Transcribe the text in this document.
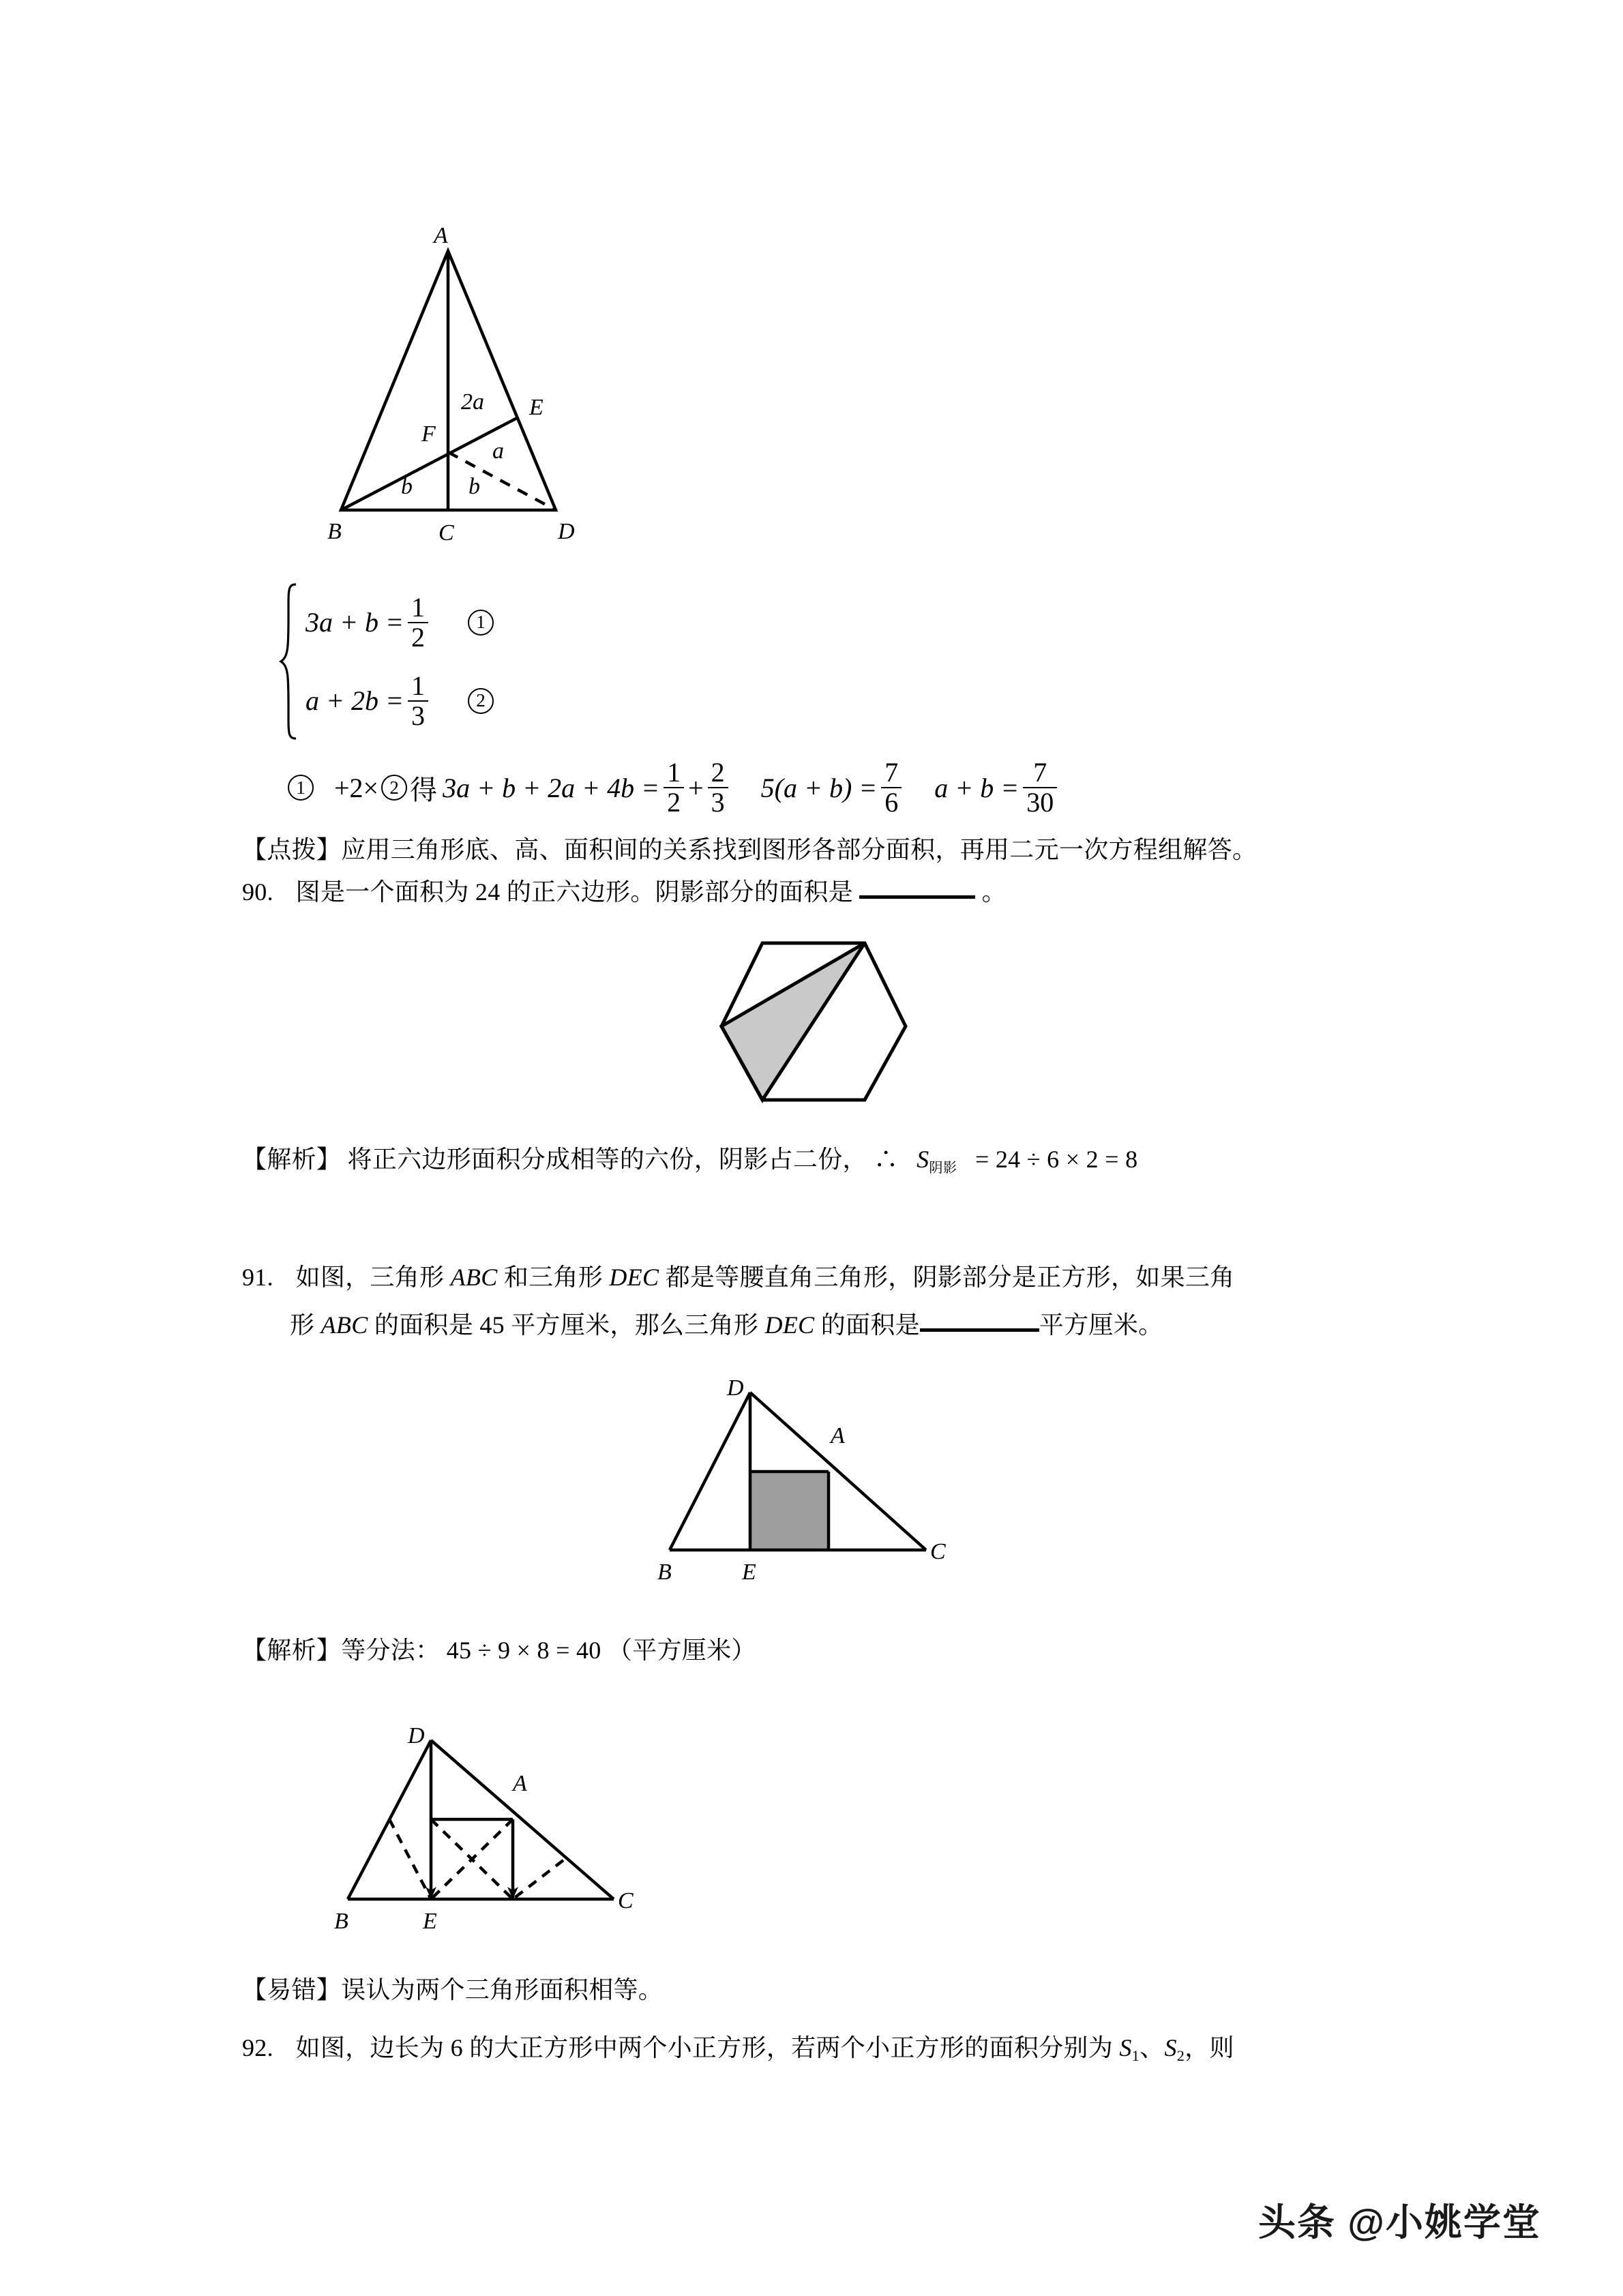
A
B	C	D
E
F
2a
a
b b
$3a + b = \frac{1}{2}$	1
$a + 2b = \frac{1}{3}$	2
1	+2× 2 得 $3a + b + 2a + 4b = \frac{1}{2} + \frac{2}{3} 5(a + b) = \frac{7}{6}$ $a + b = \frac{7}{30}$
【点拨】应用三角形底、高、面积间的关系找到图形各部分面积，再用二元一次方程组解答。
90. 图是一个面积为 24 的正六边形。阴影部分的面积是	。
【解析】 将正六边形面积分成相等的六份，阴影占二份， ∴ S阴影 = 24 ÷ 6 × 2 = 8
91. 如图，三角形 ABC 和三角形 DEC 都是等腰直角三角形，阴影部分是正方形，如果三角
形 ABC 的面积是 45 平方厘米，那么三角形 DEC 的面积是	平方厘米。
D
A
B	E
C
【解析】等分法： 45 ÷ 9 × 8 = 40 （平方厘米）
D
A
B	E
C
【易错】误认为两个三角形面积相等。
92. 如图，边长为 6 的大正方形中两个小正方形，若两个小正方形的面积分别为 $S_1$、$S_2$，则
头条 @小姚学堂
